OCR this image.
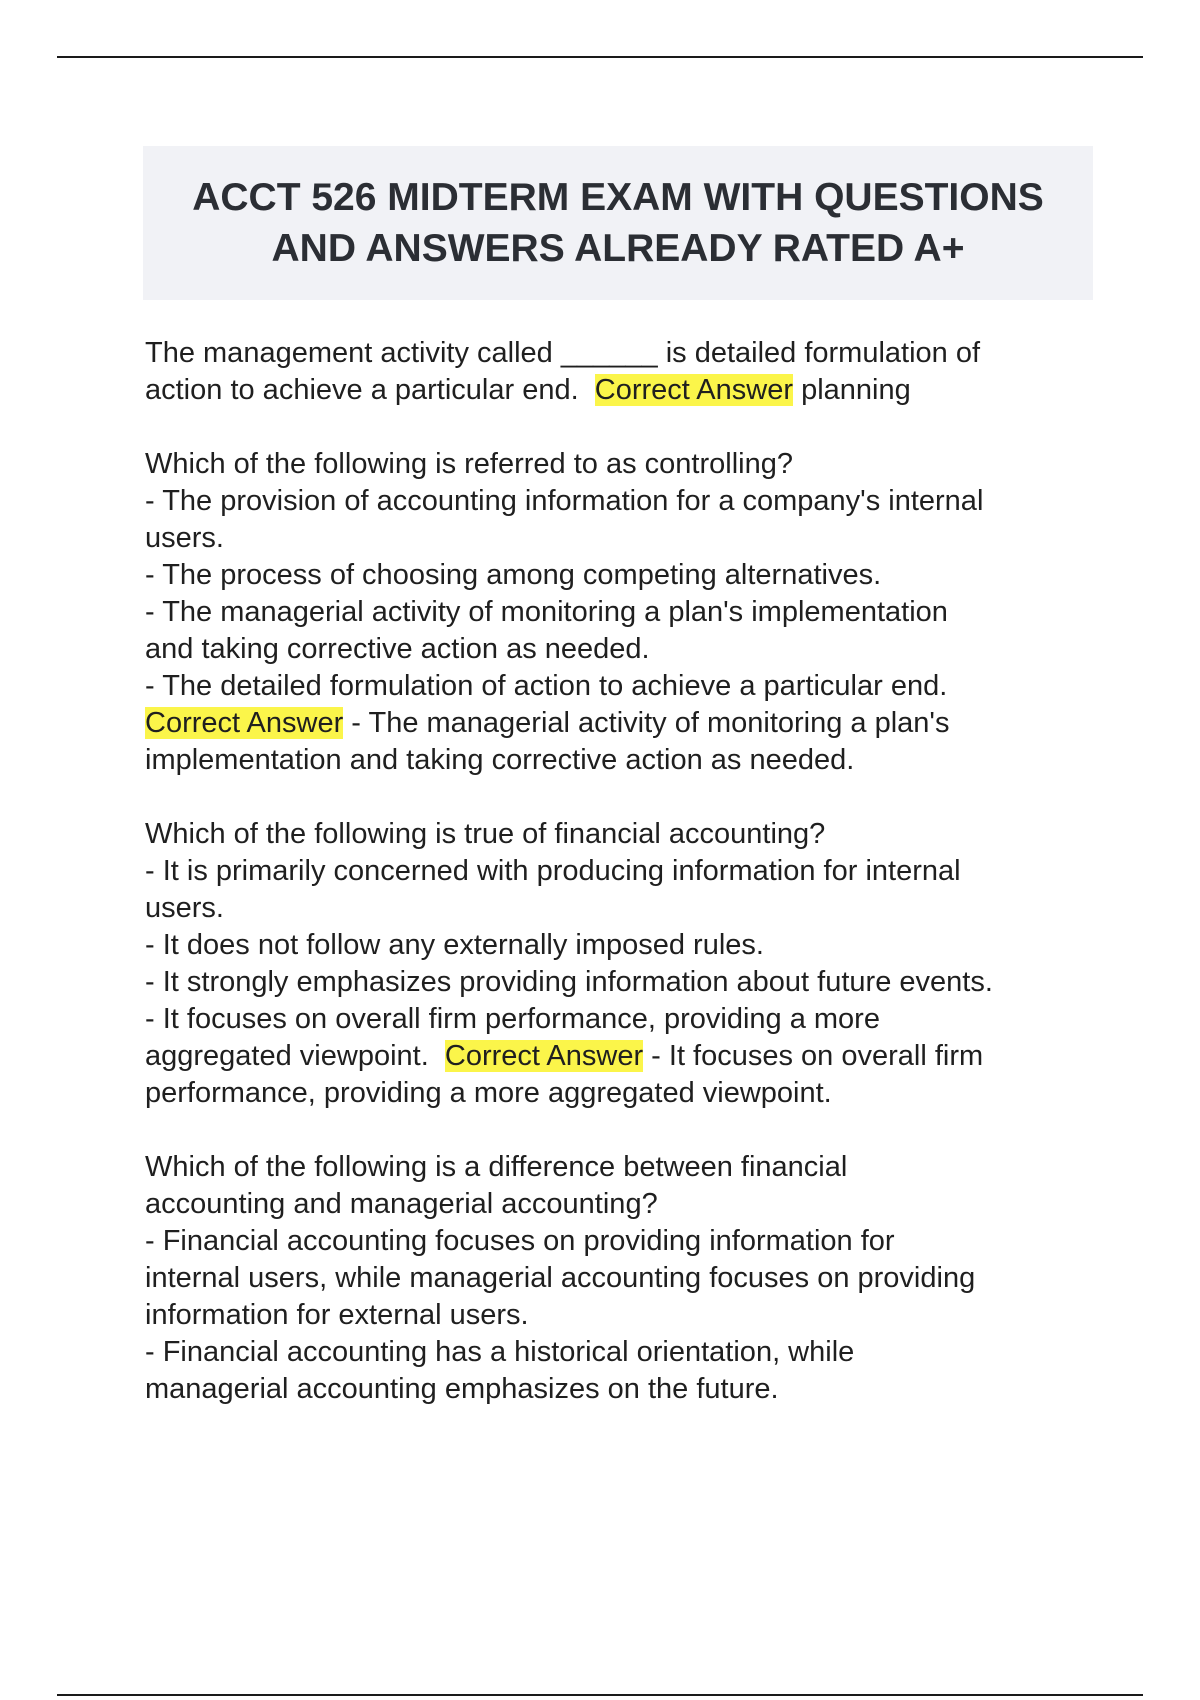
ACCT 526 MIDTERM EXAM WITH QUESTIONS AND ANSWERS ALREADY RATED A+

The management activity called ______ is detailed formulation of
action to achieve a particular end.  Correct Answer planning

Which of the following is referred to as controlling?
- The provision of accounting information for a company's internal
users.
- The process of choosing among competing alternatives.
- The managerial activity of monitoring a plan's implementation
and taking corrective action as needed.
- The detailed formulation of action to achieve a particular end.
Correct Answer - The managerial activity of monitoring a plan's
implementation and taking corrective action as needed.

Which of the following is true of financial accounting?
- It is primarily concerned with producing information for internal
users.
- It does not follow any externally imposed rules.
- It strongly emphasizes providing information about future events.
- It focuses on overall firm performance, providing a more
aggregated viewpoint.  Correct Answer - It focuses on overall firm
performance, providing a more aggregated viewpoint.

Which of the following is a difference between financial
accounting and managerial accounting?
- Financial accounting focuses on providing information for
internal users, while managerial accounting focuses on providing
information for external users.
- Financial accounting has a historical orientation, while
managerial accounting emphasizes on the future.
